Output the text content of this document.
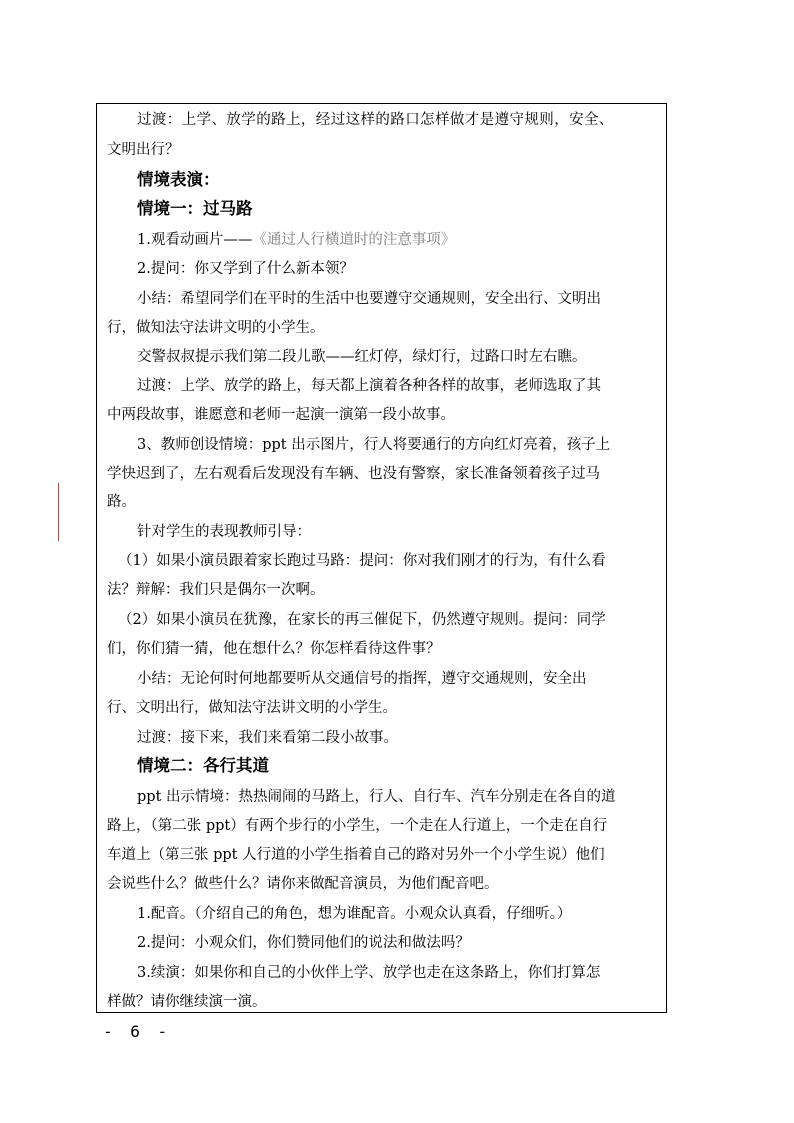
过渡：上学、放学的路上，经过这样的路口怎样做才是遵守规则，安全、
文明出行？
情境表演：
情境一：过马路
1.观看动画片——《通过人行横道时的注意事项》
2.提问：你又学到了什么新本领？
小结：希望同学们在平时的生活中也要遵守交通规则，安全出行、文明出
行，做知法守法讲文明的小学生。
交警叔叔提示我们第二段儿歌——红灯停，绿灯行，过路口时左右瞧。
过渡：上学、放学的路上，每天都上演着各种各样的故事，老师选取了其
中两段故事，谁愿意和老师一起演一演第一段小故事。
3、教师创设情境：ppt 出示图片，行人将要通行的方向红灯亮着，孩子上
学快迟到了，左右观看后发现没有车辆、也没有警察，家长准备领着孩子过马
路。
针对学生的表现教师引导：
（1）如果小演员跟着家长跑过马路：提问：你对我们刚才的行为，有什么看
法？辩解：我们只是偶尔一次啊。
（2）如果小演员在犹豫，在家长的再三催促下，仍然遵守规则。提问：同学
们，你们猜一猜，他在想什么？你怎样看待这件事？
小结：无论何时何地都要听从交通信号的指挥，遵守交通规则，安全出
行、文明出行，做知法守法讲文明的小学生。
过渡：接下来，我们来看第二段小故事。
情境二：各行其道
ppt 出示情境：热热闹闹的马路上，行人、自行车、汽车分别走在各自的道
路上，（第二张 ppt）有两个步行的小学生，一个走在人行道上，一个走在自行
车道上（第三张 ppt 人行道的小学生指着自己的路对另外一个小学生说）他们
会说些什么？做些什么？请你来做配音演员，为他们配音吧。
1.配音。（介绍自己的角色，想为谁配音。小观众认真看，仔细听。）
2.提问：小观众们，你们赞同他们的说法和做法吗？
3.续演：如果你和自己的小伙伴上学、放学也走在这条路上，你们打算怎
样做？请你继续演一演。
- 6 -
